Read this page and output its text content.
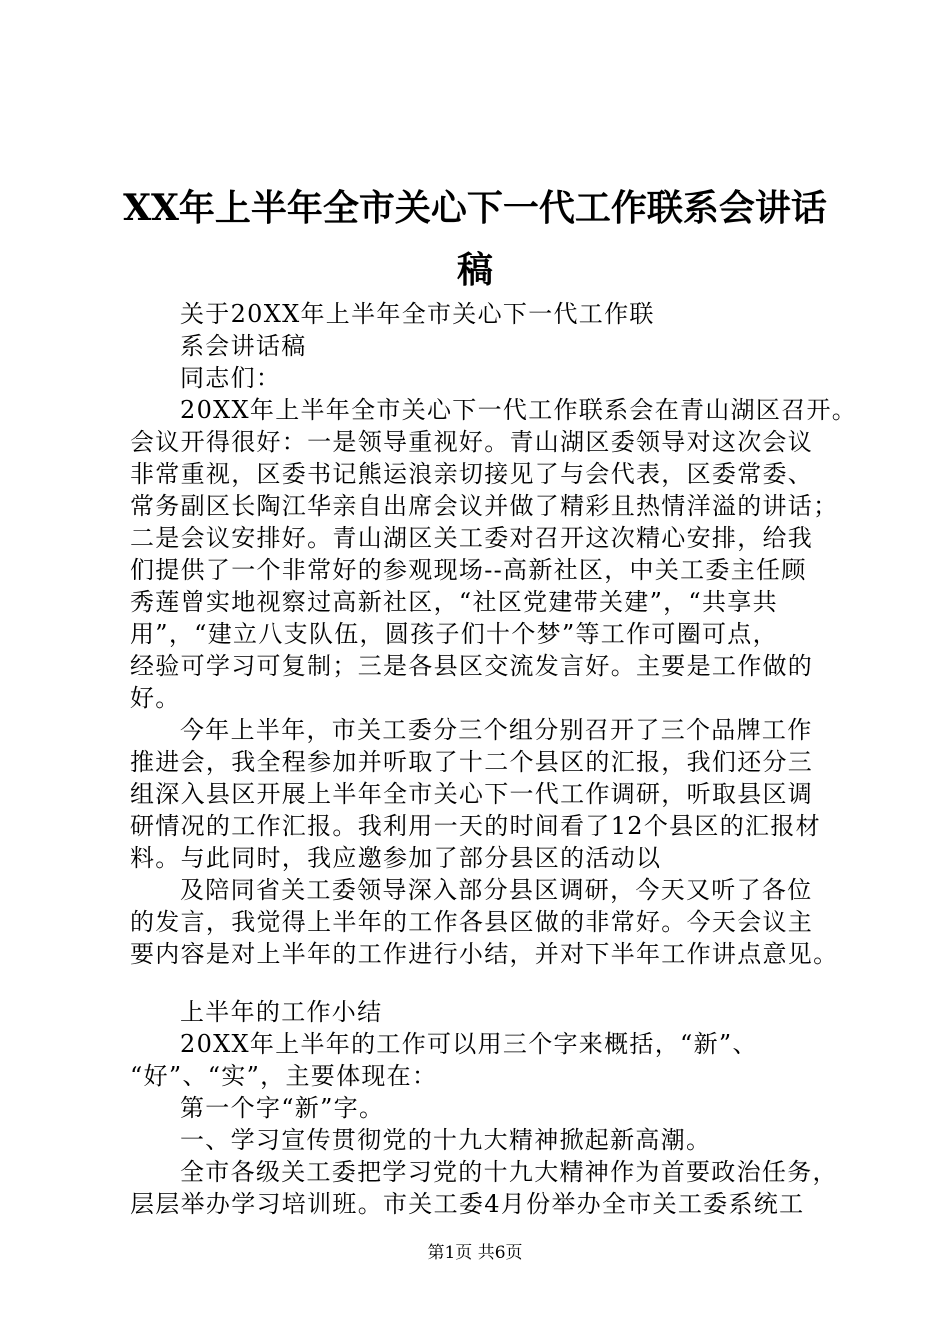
XX年上半年全市关心下一代工作联系会讲话
稿

关于20XX年上半年全市关心下一代工作联

系会讲话稿

同志们：

20XX年上半年全市关心下一代工作联系会在青山湖区召开。

会议开得很好：一是领导重视好。青山湖区委领导对这次会议

非常重视，区委书记熊运浪亲切接见了与会代表，区委常委、

常务副区长陶江华亲自出席会议并做了精彩且热情洋溢的讲话；

二是会议安排好。青山湖区关工委对召开这次精心安排，给我

们提供了一个非常好的参观现场--高新社区，中关工委主任顾

秀莲曾实地视察过高新社区，“社区党建带关建”，“共享共

用”，“建立八支队伍，圆孩子们十个梦”等工作可圈可点，

经验可学习可复制；三是各县区交流发言好。主要是工作做的

好。

今年上半年，市关工委分三个组分别召开了三个品牌工作

推进会，我全程参加并听取了十二个县区的汇报，我们还分三

组深入县区开展上半年全市关心下一代工作调研，听取县区调

研情况的工作汇报。我利用一天的时间看了12个县区的汇报材

料。与此同时，我应邀参加了部分县区的活动以

及陪同省关工委领导深入部分县区调研，今天又听了各位

的发言，我觉得上半年的工作各县区做的非常好。今天会议主

要内容是对上半年的工作进行小结，并对下半年工作讲点意见。

上半年的工作小结

20XX年上半年的工作可以用三个字来概括，“新”、

“好”、“实”，主要体现在：

第一个字“新”字。

一、学习宣传贯彻党的十九大精神掀起新高潮。

全市各级关工委把学习党的十九大精神作为首要政治任务，

层层举办学习培训班。市关工委4月份举办全市关工委系统工

第1页 共6页
